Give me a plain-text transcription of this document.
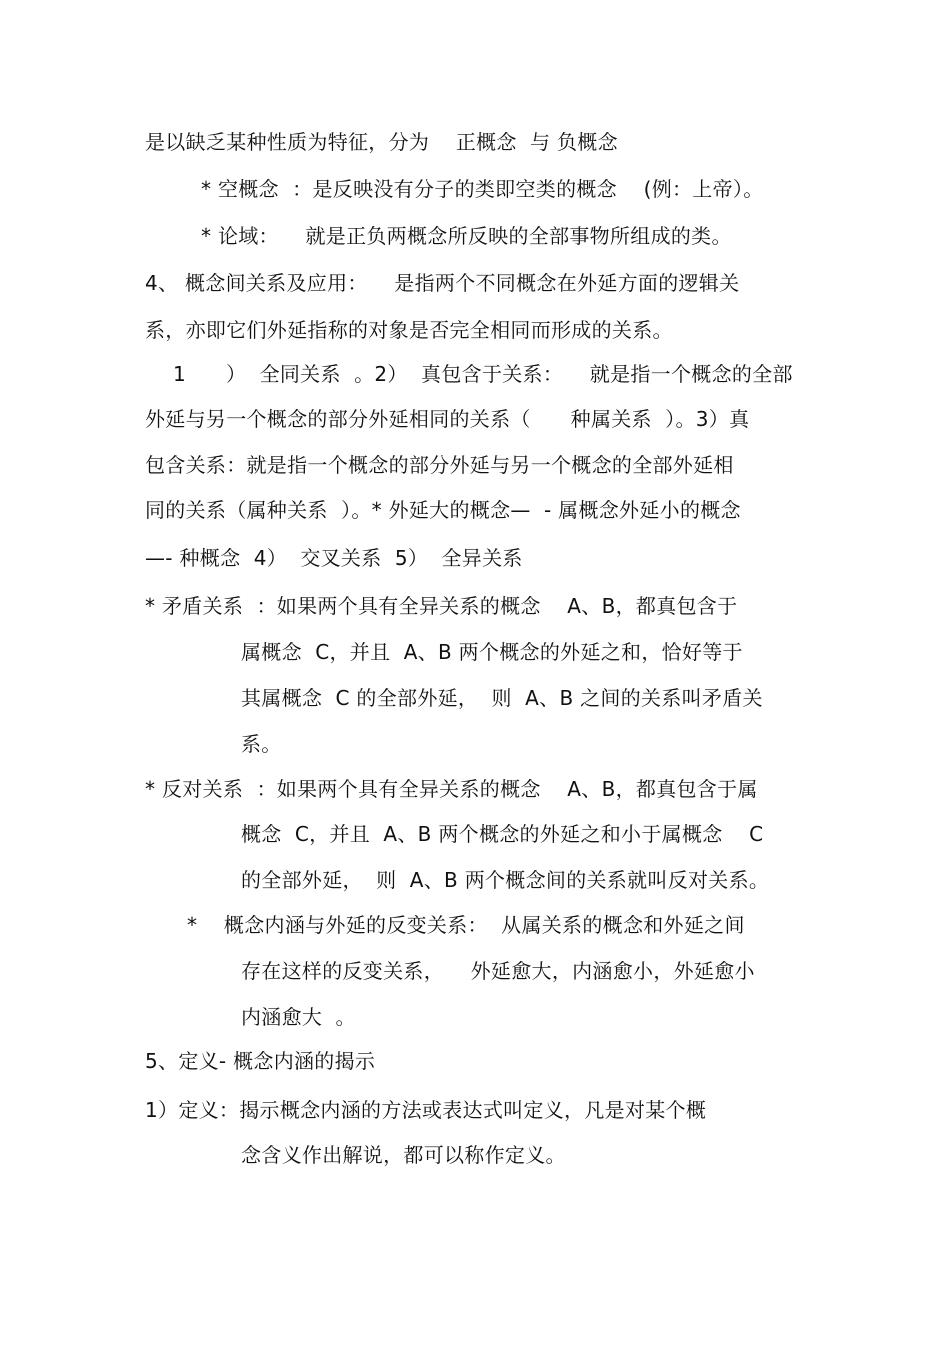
是以缺乏某种性质为特征，分为    正概念  与 负概念
* 空概念  ：是反映没有分子的类即空类的概念    (例：上帝）。
* 论域：    就是正负两概念所反映的全部事物所组成的类。
4、 概念间关系及应用：    是指两个不同概念在外延方面的逻辑关
系，亦即它们外延指称的对象是否完全相同而形成的关系。
1      ）  全同关系  。2）  真包含于关系：    就是指一个概念的全部
外延与另一个概念的部分外延相同的关系（      种属关系  ）。3）真
包含关系：就是指一个概念的部分外延与另一个概念的全部外延相
同的关系（属种关系  ）。* 外延大的概念—  - 属概念外延小的概念
—- 种概念  4）  交叉关系  5）  全异关系
* 矛盾关系  ：如果两个具有全异关系的概念    A、B，都真包含于
属概念  C，并且  A、B 两个概念的外延之和，恰好等于
其属概念  C 的全部外延，  则  A、B 之间的关系叫矛盾关
系。
* 反对关系  ：如果两个具有全异关系的概念    A、B，都真包含于属
概念  C，并且  A、B 两个概念的外延之和小于属概念    C
的全部外延，  则  A、B 两个概念间的关系就叫反对关系。
*    概念内涵与外延的反变关系：  从属关系的概念和外延之间
存在这样的反变关系，    外延愈大，内涵愈小，外延愈小
内涵愈大  。
5、定义- 概念内涵的揭示
1）定义：揭示概念内涵的方法或表达式叫定义，凡是对某个概
念含义作出解说，都可以称作定义。
